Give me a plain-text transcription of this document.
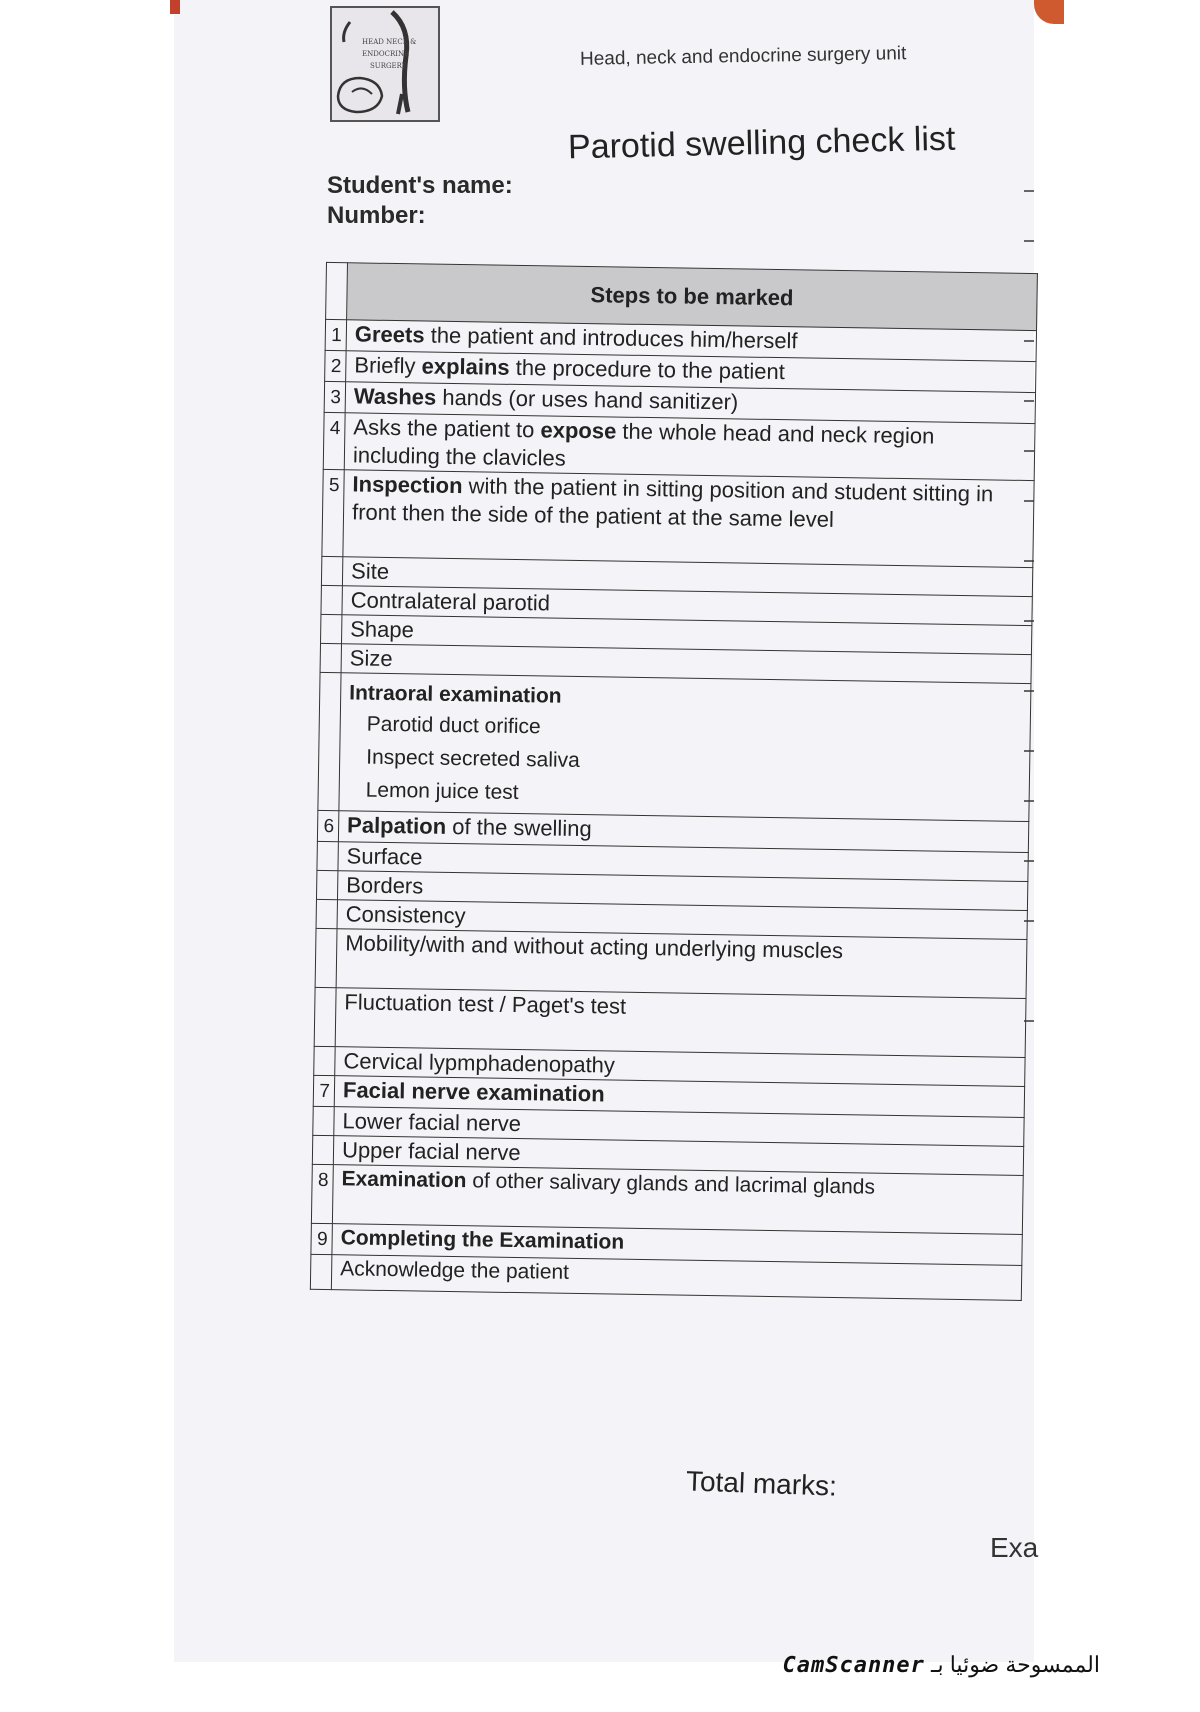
HEAD NECK &
ENDOCRINE
SURGERY	Head, neck and endocrine surgery unit
Parotid swelling check list
Student's name:
Number:
	Steps to be marked
1	Greets the patient and introduces him/herself
2	Briefly explains the procedure to the patient
3	Washes hands (or uses hand sanitizer)
4	Asks the patient to expose the whole head and neck region including the clavicles
5	Inspection with the patient in sitting position and student sitting in front then the side of the patient at the same level
	Site
	Contralateral parotid
	Shape
	Size

	Intraoral examination
Parotid duct orifice
Inspect secreted saliva
Lemon juice test

6	Palpation of the swelling
	Surface
	Borders
	Consistency
	Mobility/with and without acting underlying muscles
	Fluctuation test / Paget's test
	Cervical lypmphadenopathy
7	Facial nerve examination
	Lower facial nerve
	Upper facial nerve
8	Examination of other salivary glands and lacrimal glands
9	Completing the Examination
	Acknowledge the patient
Total marks:
Exa
CamScanner الممسوحة ضوئيا بـ
